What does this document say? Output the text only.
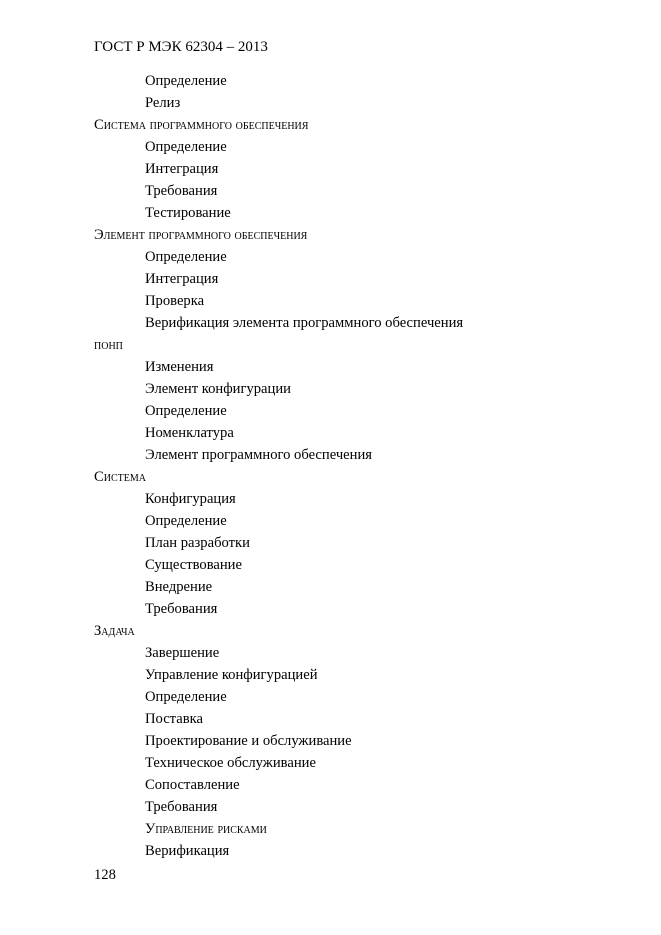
ГОСТ Р МЭК 62304 – 2013
Определение
Релиз
Система программного обеспечения
Определение
Интеграция
Требования
Тестирование
Элемент программного обеспечения
Определение
Интеграция
Проверка
Верификация элемента программного обеспечения
понп
Изменения
Элемент конфигурации
Определение
Номенклатура
Элемент программного обеспечения
Система
Конфигурация
Определение
План разработки
Существование
Внедрение
Требования
Задача
Завершение
Управление конфигурацией
Определение
Поставка
Проектирование и обслуживание
Техническое обслуживание
Сопоставление
Требования
Управление рисками
Верификация
128
